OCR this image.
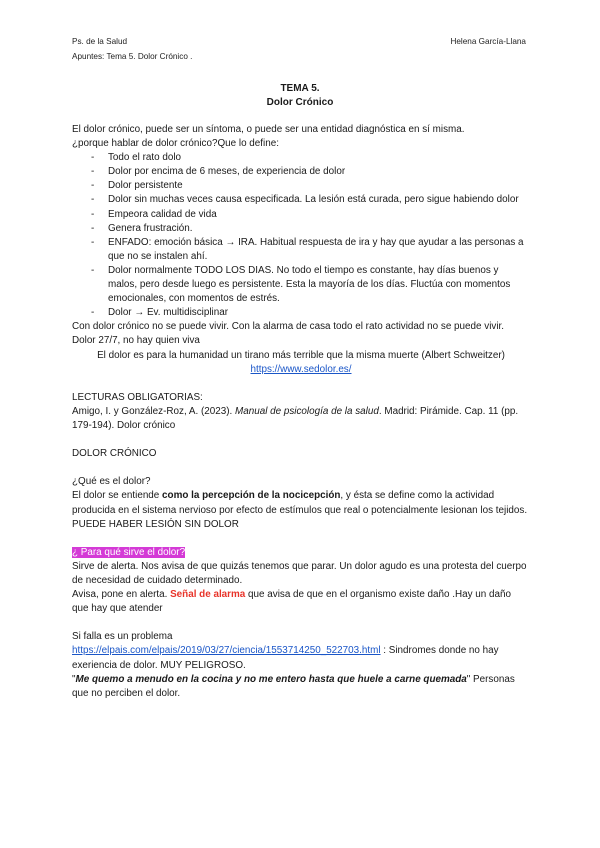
Ps. de la Salud
Apuntes: Tema 5. Dolor Crónico .
Helena García-Llana
TEMA 5.
Dolor Crónico

El dolor crónico, puede ser un síntoma, o puede ser una entidad diagnóstica en sí misma.

¿porque hablar de dolor crónico?Que lo define:

- Todo el rato dolo
- Dolor por encima de 6 meses, de experiencia de dolor
- Dolor persistente
- Dolor sin muchas veces causa especificada. La lesión está curada, pero sigue habiendo dolor
- Empeora calidad de vida
- Genera frustración.
- ENFADO: emoción básica → IRA. Habitual respuesta de ira y hay que ayudar a las personas a que no se instalen ahí.
- Dolor normalmente TODO LOS DIAS. No todo el tiempo es constante, hay días buenos y malos, pero desde luego es persistente. Esta la mayoría de los días. Fluctúa con momentos emocionales, con momentos de estrés.
- Dolor → Ev. multidisciplinar

Con dolor crónico no se puede vivir. Con la alarma de casa todo el rato actividad no se puede vivir. Dolor 27/7, no hay quien viva

El dolor es para la humanidad un tirano más terrible que la misma muerte (Albert Schweitzer)

https://www.sedolor.es/

LECTURAS OBLIGATORIAS:

Amigo, I. y González-Roz, A. (2023). Manual de psicología de la salud. Madrid: Pirámide. Cap. 11 (pp. 179-194). Dolor crónico

DOLOR CRÓNICO

¿Qué es el dolor?

El dolor se entiende como la percepción de la nocicepción, y ésta se define como la actividad producida en el sistema nervioso por efecto de estímulos que real o potencialmente lesionan los tejidos.

PUEDE HABER LESIÓN SIN DOLOR

¿ Para qué sirve el dolor?

Sirve de alerta. Nos avisa de que quizás tenemos que parar. Un dolor agudo es una protesta del cuerpo de necesidad de cuidado determinado.

Avisa, pone en alerta. Señal de alarma que avisa de que en el organismo existe daño .Hay un daño que hay que atender

Si falla es un problema

https://elpais.com/elpais/2019/03/27/ciencia/1553714250_522703.html : Sindromes donde no hay exeriencia de dolor. MUY PELIGROSO.

"Me quemo a menudo en la cocina y no me entero hasta que huele a carne quemada" Personas que no perciben el dolor.
